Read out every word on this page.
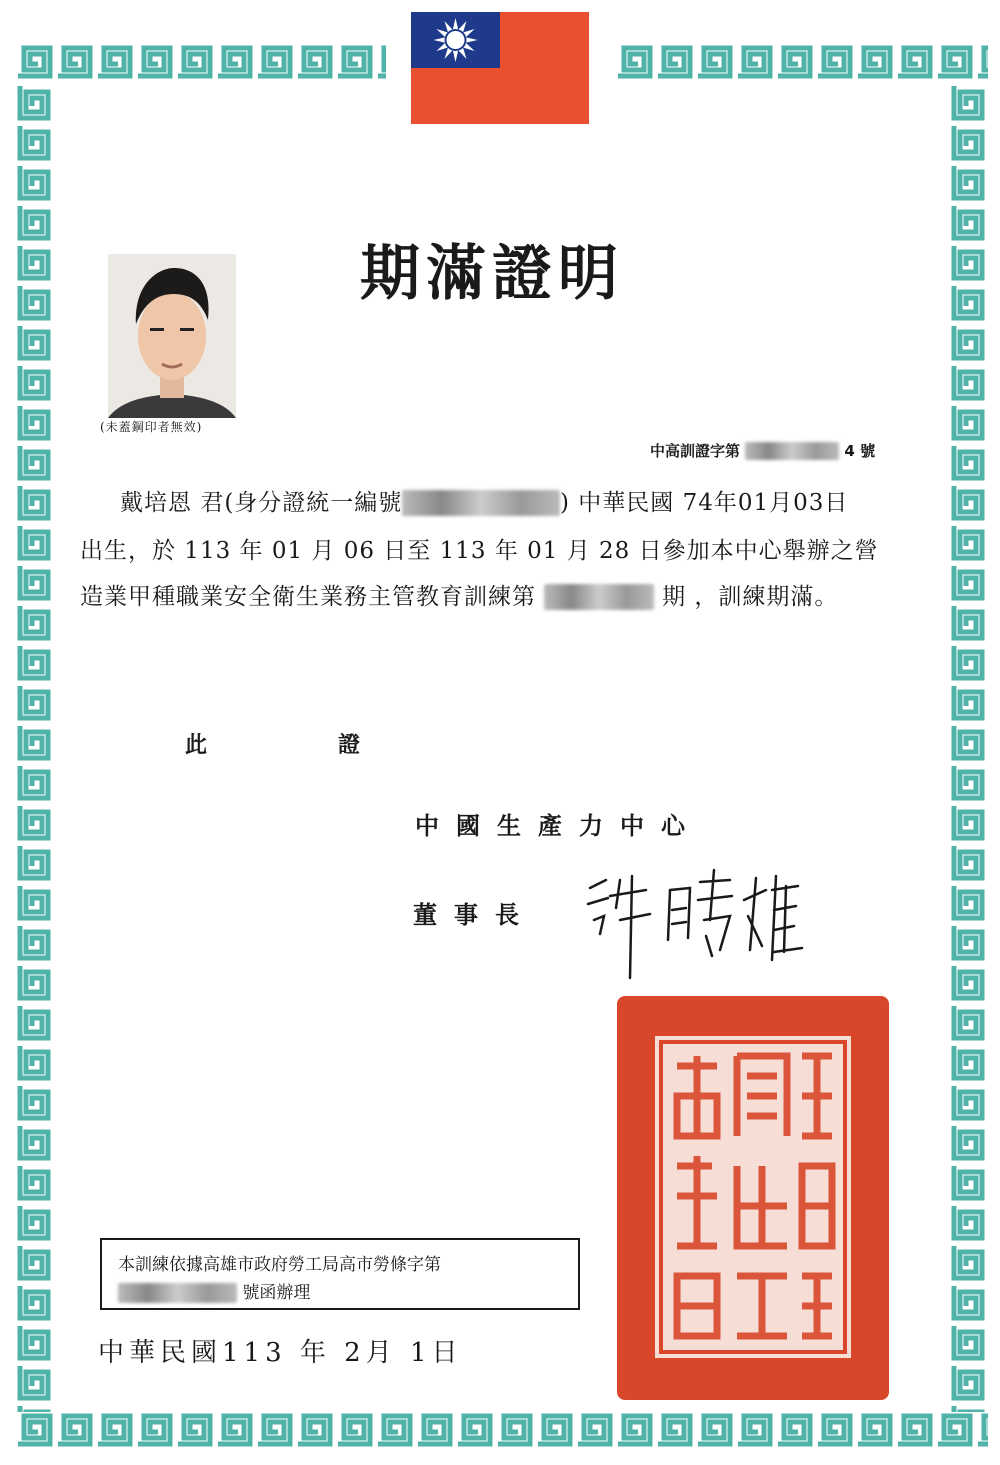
期滿證明
(未蓋鋼印者無效)
中高訓證字第	4 號
戴培恩 君(身分證統一編號	) 中華民國 74年01月03日
出生，於 113 年 01 月 06 日至 113 年 01 月 28 日參加本中心舉辦之營
造業甲種職業安全衛生業務主管教育訓練第	期 ，訓練期滿。
此	證
中國生產力中心
董事長
本訓練依據高雄市政府勞工局高市勞條字第
號函辦理
中華民國113 年 2月 1日
